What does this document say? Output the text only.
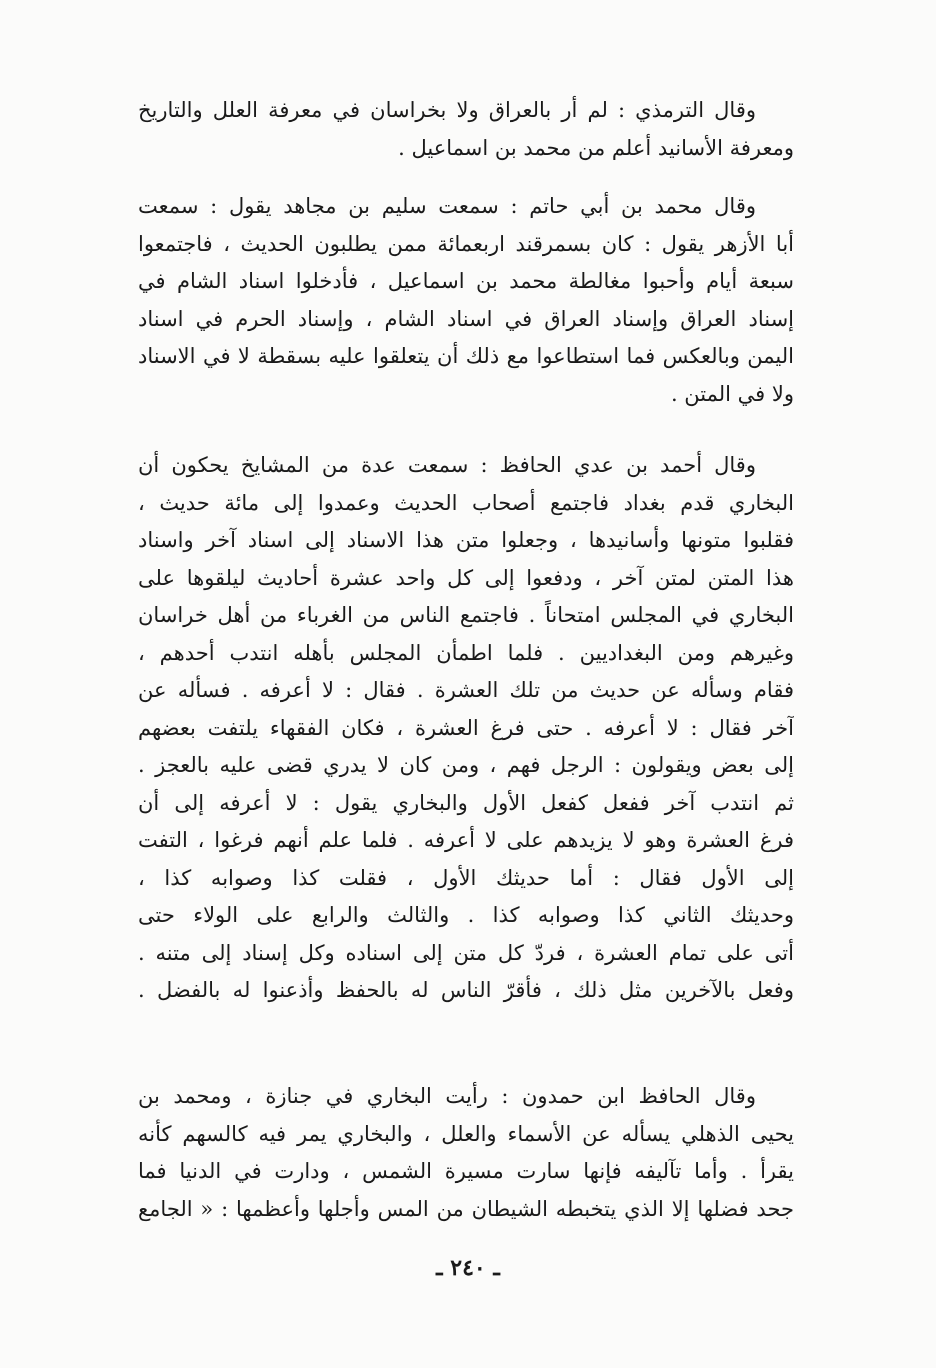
وقال الترمذي : لم أر بالعراق ولا بخراسان في معرفة العلل والتاريخ
ومعرفة الأسانيد أعلم من محمد بن اسماعيل .
وقال محمد بن أبي حاتم : سمعت سليم بن مجاهد يقول : سمعت
أبا الأزهر يقول : كان بسمرقند اربعمائة ممن يطلبون الحديث ، فاجتمعوا
سبعة أيام وأحبوا مغالطة محمد بن اسماعيل ، فأدخلوا اسناد الشام في
إسناد العراق وإسناد العراق في اسناد الشام ، وإسناد الحرم في اسناد
اليمن وبالعكس فما استطاعوا مع ذلك أن يتعلقوا عليه بسقطة لا في الاسناد
ولا في المتن .
وقال أحمد بن عدي الحافظ : سمعت عدة من المشايخ يحكون أن
البخاري قدم بغداد فاجتمع أصحاب الحديث وعمدوا إلى مائة حديث ،
فقلبوا متونها وأسانيدها ، وجعلوا متن هذا الاسناد إلى اسناد آخر واسناد
هذا المتن لمتن آخر ، ودفعوا إلى كل واحد عشرة أحاديث ليلقوها على
البخاري في المجلس امتحاناً . فاجتمع الناس من الغرباء من أهل خراسان
وغيرهم ومن البغداديين . فلما اطمأن المجلس بأهله انتدب أحدهم ،
فقام وسأله عن حديث من تلك العشرة . فقال : لا أعرفه . فسأله عن
آخر فقال : لا أعرفه . حتى فرغ العشرة ، فكان الفقهاء يلتفت بعضهم
إلى بعض ويقولون : الرجل فهم ، ومن كان لا يدري قضى عليه بالعجز .
ثم انتدب آخر ففعل كفعل الأول والبخاري يقول : لا أعرفه إلى أن
فرغ العشرة وهو لا يزيدهم على لا أعرفه . فلما علم أنهم فرغوا ، التفت
إلى الأول فقال : أما حديثك الأول ، فقلت كذا وصوابه كذا ،
وحديثك الثاني كذا وصوابه كذا . والثالث والرابع على الولاء حتى
أتى على تمام العشرة ، فردّ كل متن إلى اسناده وكل إسناد إلى متنه .
وفعل بالآخرين مثل ذلك ، فأقرّ الناس له بالحفظ وأذعنوا له بالفضل .
وقال الحافظ ابن حمدون : رأيت البخاري في جنازة ، ومحمد بن
يحيى الذهلي يسأله عن الأسماء والعلل ، والبخاري يمر فيه كالسهم كأنه
يقرأ . وأما تآليفه فإنها سارت مسيرة الشمس ، ودارت في الدنيا فما
جحد فضلها إلا الذي يتخبطه الشيطان من المس وأجلها وأعظمها : « الجامع
ـ ٢٤٠ ـ
